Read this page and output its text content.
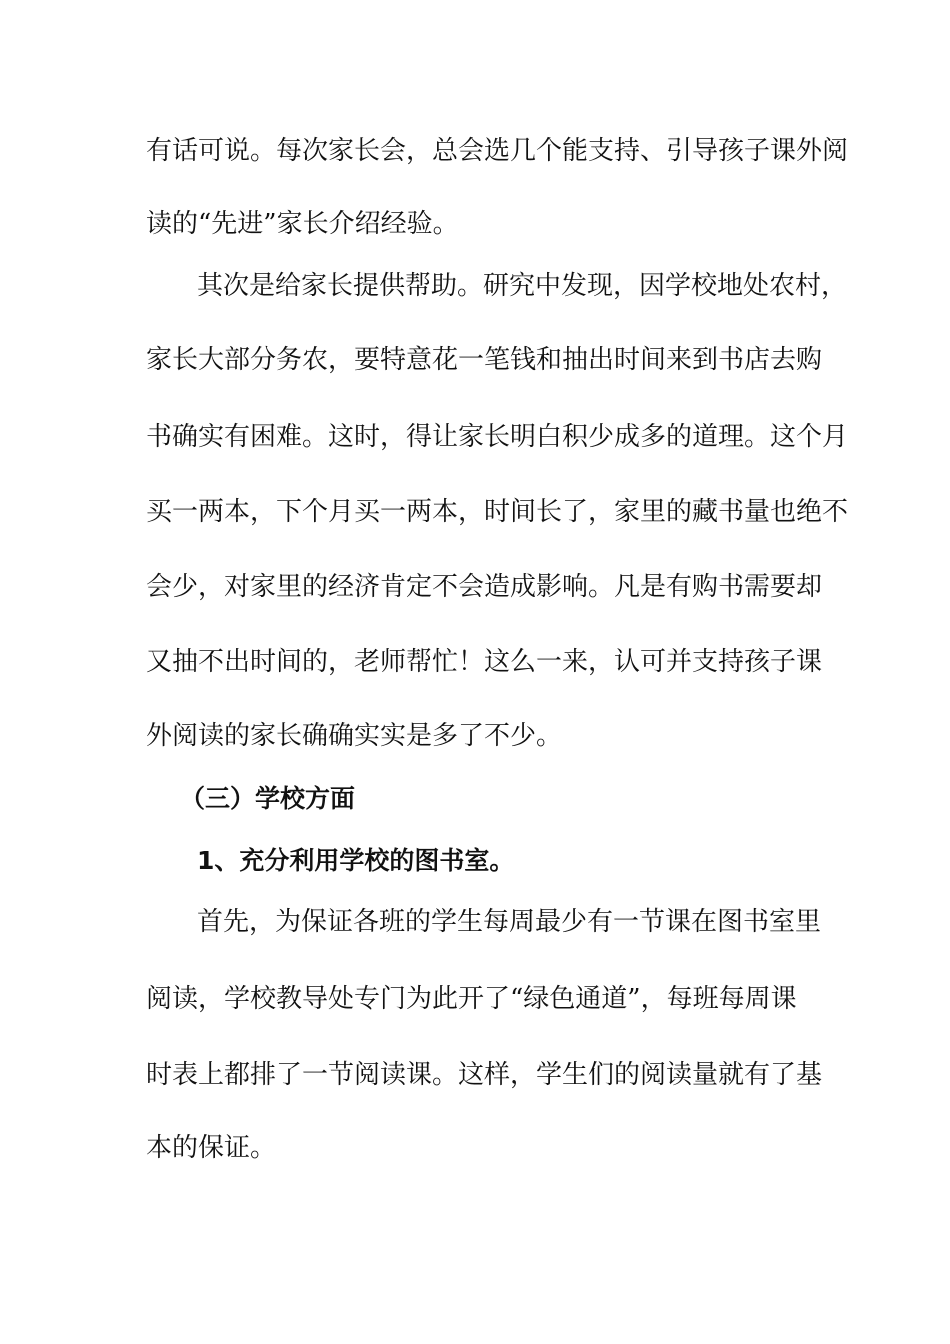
有话可说。每次家长会，总会选几个能支持、引导孩子课外阅
读的“先进”家长介绍经验。
其次是给家长提供帮助。研究中发现，因学校地处农村，
家长大部分务农，要特意花一笔钱和抽出时间来到书店去购
书确实有困难。这时，得让家长明白积少成多的道理。这个月
买一两本，下个月买一两本，时间长了，家里的藏书量也绝不
会少，对家里的经济肯定不会造成影响。凡是有购书需要却
又抽不出时间的，老师帮忙！这么一来，认可并支持孩子课
外阅读的家长确确实实是多了不少。
（三）学校方面
1、充分利用学校的图书室。
首先，为保证各班的学生每周最少有一节课在图书室里
阅读，学校教导处专门为此开了“绿色通道”，每班每周课
时表上都排了一节阅读课。这样，学生们的阅读量就有了基
本的保证。
